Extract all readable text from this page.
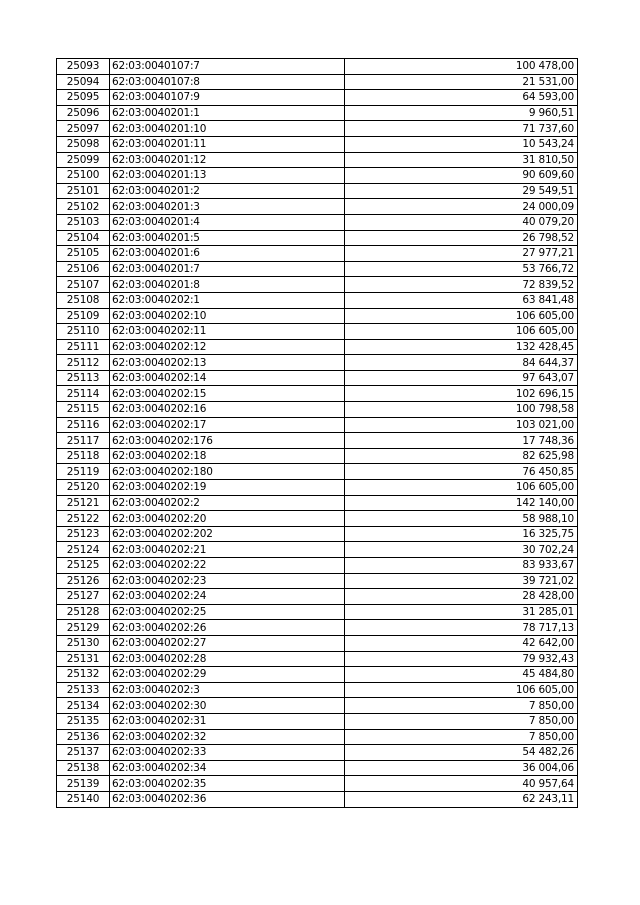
25093	62:03:0040107:7	100 478,00
25094	62:03:0040107:8	21 531,00
25095	62:03:0040107:9	64 593,00
25096	62:03:0040201:1	9 960,51
25097	62:03:0040201:10	71 737,60
25098	62:03:0040201:11	10 543,24
25099	62:03:0040201:12	31 810,50
25100	62:03:0040201:13	90 609,60
25101	62:03:0040201:2	29 549,51
25102	62:03:0040201:3	24 000,09
25103	62:03:0040201:4	40 079,20
25104	62:03:0040201:5	26 798,52
25105	62:03:0040201:6	27 977,21
25106	62:03:0040201:7	53 766,72
25107	62:03:0040201:8	72 839,52
25108	62:03:0040202:1	63 841,48
25109	62:03:0040202:10	106 605,00
25110	62:03:0040202:11	106 605,00
25111	62:03:0040202:12	132 428,45
25112	62:03:0040202:13	84 644,37
25113	62:03:0040202:14	97 643,07
25114	62:03:0040202:15	102 696,15
25115	62:03:0040202:16	100 798,58
25116	62:03:0040202:17	103 021,00
25117	62:03:0040202:176	17 748,36
25118	62:03:0040202:18	82 625,98
25119	62:03:0040202:180	76 450,85
25120	62:03:0040202:19	106 605,00
25121	62:03:0040202:2	142 140,00
25122	62:03:0040202:20	58 988,10
25123	62:03:0040202:202	16 325,75
25124	62:03:0040202:21	30 702,24
25125	62:03:0040202:22	83 933,67
25126	62:03:0040202:23	39 721,02
25127	62:03:0040202:24	28 428,00
25128	62:03:0040202:25	31 285,01
25129	62:03:0040202:26	78 717,13
25130	62:03:0040202:27	42 642,00
25131	62:03:0040202:28	79 932,43
25132	62:03:0040202:29	45 484,80
25133	62:03:0040202:3	106 605,00
25134	62:03:0040202:30	7 850,00
25135	62:03:0040202:31	7 850,00
25136	62:03:0040202:32	7 850,00
25137	62:03:0040202:33	54 482,26
25138	62:03:0040202:34	36 004,06
25139	62:03:0040202:35	40 957,64
25140	62:03:0040202:36	62 243,11
